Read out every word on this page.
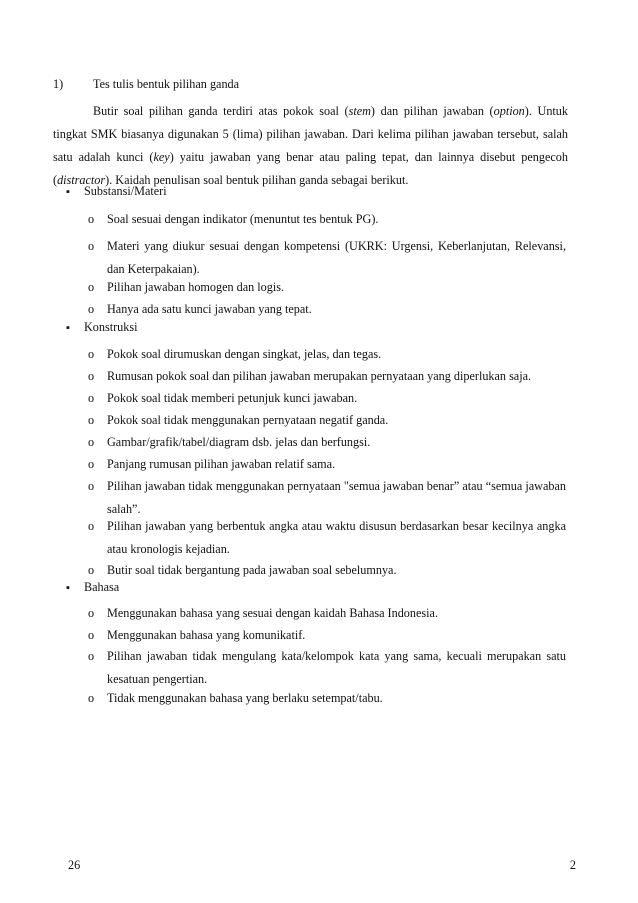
1) Tes tulis bentuk pilihan ganda
Butir soal pilihan ganda terdiri atas pokok soal (stem) dan pilihan jawaban (option). Untuk tingkat SMK biasanya digunakan 5 (lima) pilihan jawaban. Dari kelima pilihan jawaban tersebut, salah satu adalah kunci (key) yaitu jawaban yang benar atau paling tepat, dan lainnya disebut pengecoh (distractor). Kaidah penulisan soal bentuk pilihan ganda sebagai berikut.
▪ Substansi/Materi
o Soal sesuai dengan indikator (menuntut tes bentuk PG).
o Materi yang diukur sesuai dengan kompetensi (UKRK: Urgensi, Keberlanjutan, Relevansi, dan Keterpakaian).
o Pilihan jawaban homogen dan logis.
o Hanya ada satu kunci jawaban yang tepat.
▪ Konstruksi
o Pokok soal dirumuskan dengan singkat, jelas, dan tegas.
o Rumusan pokok soal dan pilihan jawaban merupakan pernyataan yang diperlukan saja.
o Pokok soal tidak memberi petunjuk kunci jawaban.
o Pokok soal tidak menggunakan pernyataan negatif ganda.
o Gambar/grafik/tabel/diagram dsb. jelas dan berfungsi.
o Panjang rumusan pilihan jawaban relatif sama.
o Pilihan jawaban tidak menggunakan pernyataan "semua jawaban benar” atau “semua jawaban salah”.
o Pilihan jawaban yang berbentuk angka atau waktu disusun berdasarkan besar kecilnya angka atau kronologis kejadian.
o Butir soal tidak bergantung pada jawaban soal sebelumnya.
▪ Bahasa
o Menggunakan bahasa yang sesuai dengan kaidah Bahasa Indonesia.
o Menggunakan bahasa yang komunikatif.
o Pilihan jawaban tidak mengulang kata/kelompok kata yang sama, kecuali merupakan satu kesatuan pengertian.
o Tidak menggunakan bahasa yang berlaku setempat/tabu.
26	2
